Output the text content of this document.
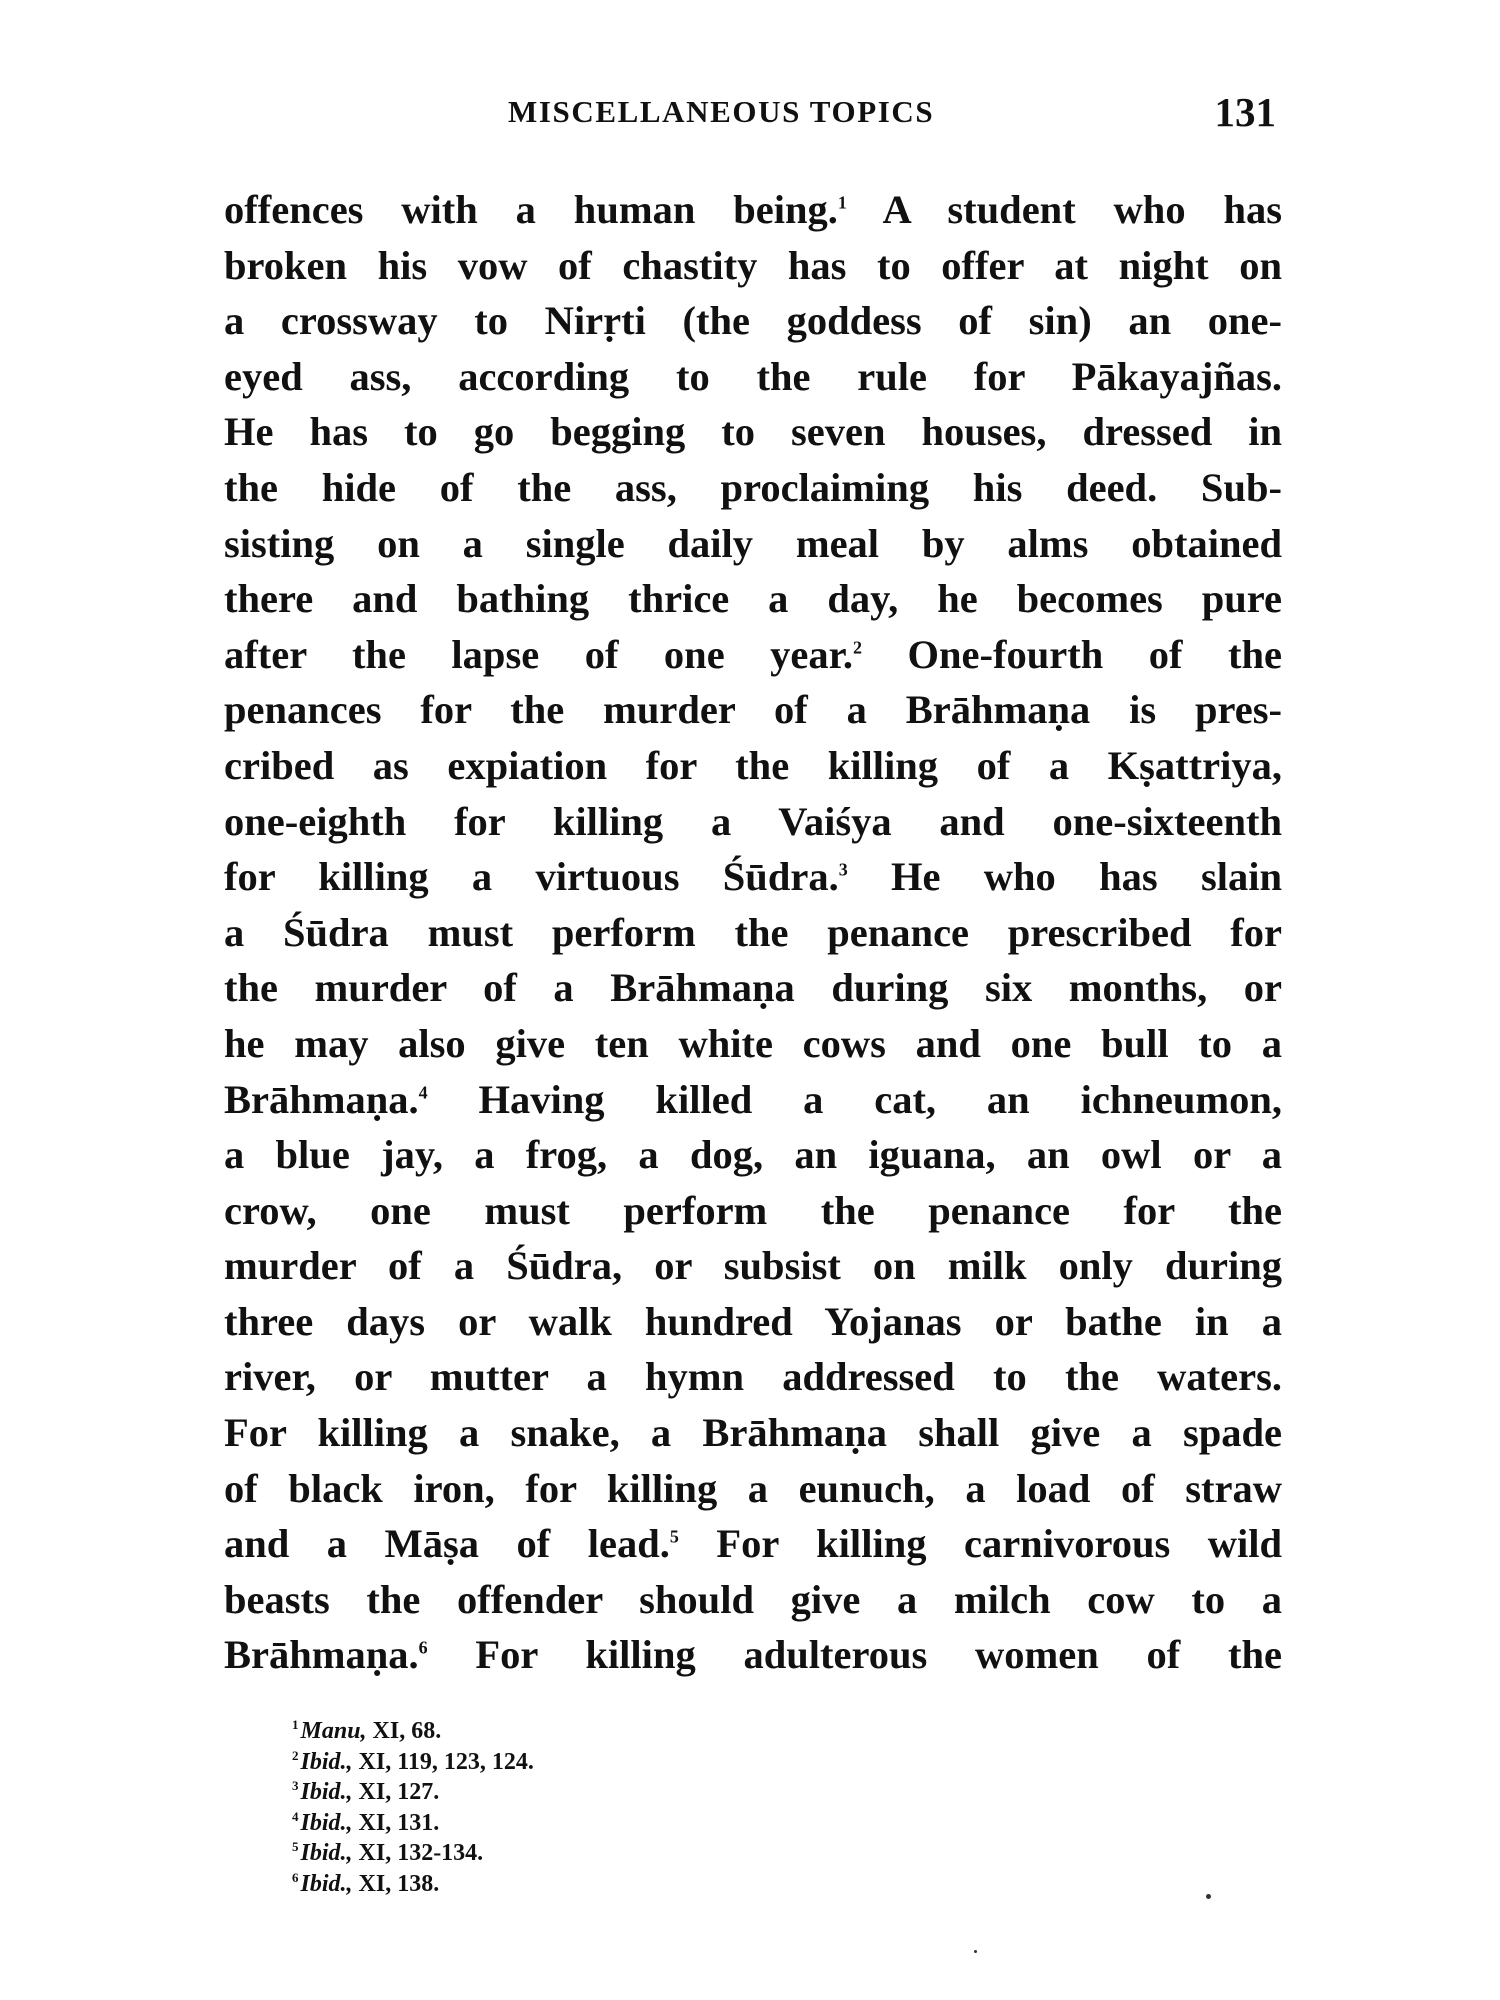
MISCELLANEOUS TOPICS	131
offences with a human being.$^1$ A student who has
broken his vow of chastity has to offer at night on
a crossway to Nirṛti (the goddess of sin) an one-
eyed ass, according to the rule for Pākayajñas.
He has to go begging to seven houses, dressed in
the hide of the ass, proclaiming his deed. Sub-
sisting on a single daily meal by alms obtained
there and bathing thrice a day, he becomes pure
after the lapse of one year.$^2$ One-fourth of the
penances for the murder of a Brāhmaṇa is pres-
cribed as expiation for the killing of a Kṣattriya,
one-eighth for killing a Vaiśya and one-sixteenth
for killing a virtuous Śūdra.$^3$ He who has slain
a Śūdra must perform the penance prescribed for
the murder of a Brāhmaṇa during six months, or
he may also give ten white cows and one bull to a
Brāhmaṇa.$^4$ Having killed a cat, an ichneumon,
a blue jay, a frog, a dog, an iguana, an owl or a
crow, one must perform the penance for the
murder of a Śūdra, or subsist on milk only during
three days or walk hundred Yojanas or bathe in a
river, or mutter a hymn addressed to the waters.
For killing a snake, a Brāhmaṇa shall give a spade
of black iron, for killing a eunuch, a load of straw
and a Māṣa of lead.$^5$ For killing carnivorous wild
beasts the offender should give a milch cow to a
Brāhmaṇa.$^6$ For killing adulterous women of the
$^1$Manu, XI, 68.
$^2$Ibid., XI, 119, 123, 124.
$^3$Ibid., XI, 127.
$^4$Ibid., XI, 131.
$^5$Ibid., XI, 132-134.
$^6$Ibid., XI, 138.
